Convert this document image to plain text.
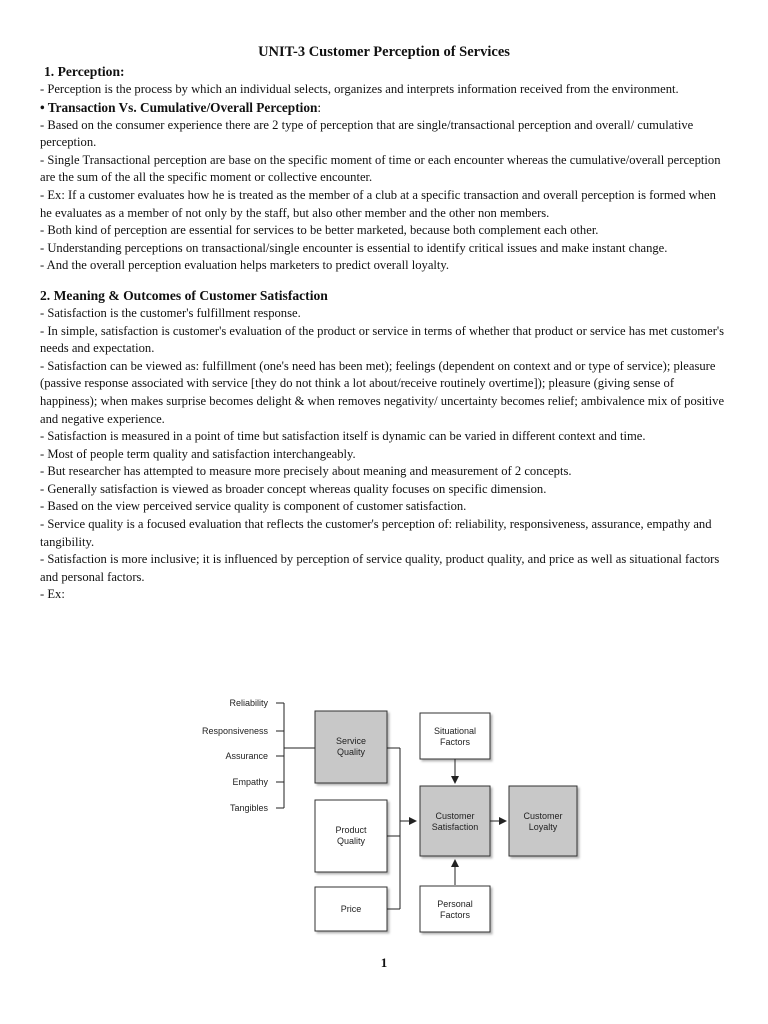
UNIT-3 Customer Perception of Services
1. Perception:

- Perception is the process by which an individual selects, organizes and interprets information received from the environment.

• Transaction Vs. Cumulative/Overall Perception:

- Based on the consumer experience there are 2 type of perception that are single/transactional perception and overall/ cumulative perception.

- Single Transactional perception are base on the specific moment of time or each encounter whereas the cumulative/overall perception are the sum of the all the specific moment or collective encounter.

- Ex: If a customer evaluates how he is treated as the member of a club at a specific transaction and overall perception is formed when he evaluates as a member of not only by the staff, but also other member and the other non members.

- Both kind of perception are essential for services to be better marketed, because both complement each other.

- Understanding perceptions on transactional/single encounter is essential to identify critical issues and make instant change.

- And the overall perception evaluation helps marketers to predict overall loyalty.

2. Meaning & Outcomes of Customer Satisfaction

- Satisfaction is the customer's fulfillment response.

- In simple, satisfaction is customer's evaluation of the product or service in terms of whether that product or service has met customer's needs and expectation.

- Satisfaction can be viewed as: fulfillment (one's need has been met); feelings (dependent on context and or type of service); pleasure (passive response associated with service [they do not think a lot about/receive routinely overtime]); pleasure (giving sense of happiness); when makes surprise becomes delight & when removes negativity/ uncertainty becomes relief; ambivalence mix of positive and negative experience.

- Satisfaction is measured in a point of time but satisfaction itself is dynamic can be varied in different context and time.

- Most of people term quality and satisfaction interchangeably.

- But researcher has attempted to measure more precisely about meaning and measurement of 2 concepts.

- Generally satisfaction is viewed as broader concept whereas quality focuses on specific dimension.

- Based on the view perceived service quality is component of customer satisfaction.

- Service quality is a focused evaluation that reflects the customer's perception of: reliability, responsiveness, assurance, empathy and tangibility.

- Satisfaction is more inclusive; it is influenced by perception of service quality, product quality, and price as well as situational factors and personal factors.

- Ex:

Reliability
Responsiveness
Assurance
Empathy
Tangibles
Service
Quality
Product
Quality
Price
Situational
Factors
Customer
Satisfaction
Customer
Loyalty
Personal
Factors
1
